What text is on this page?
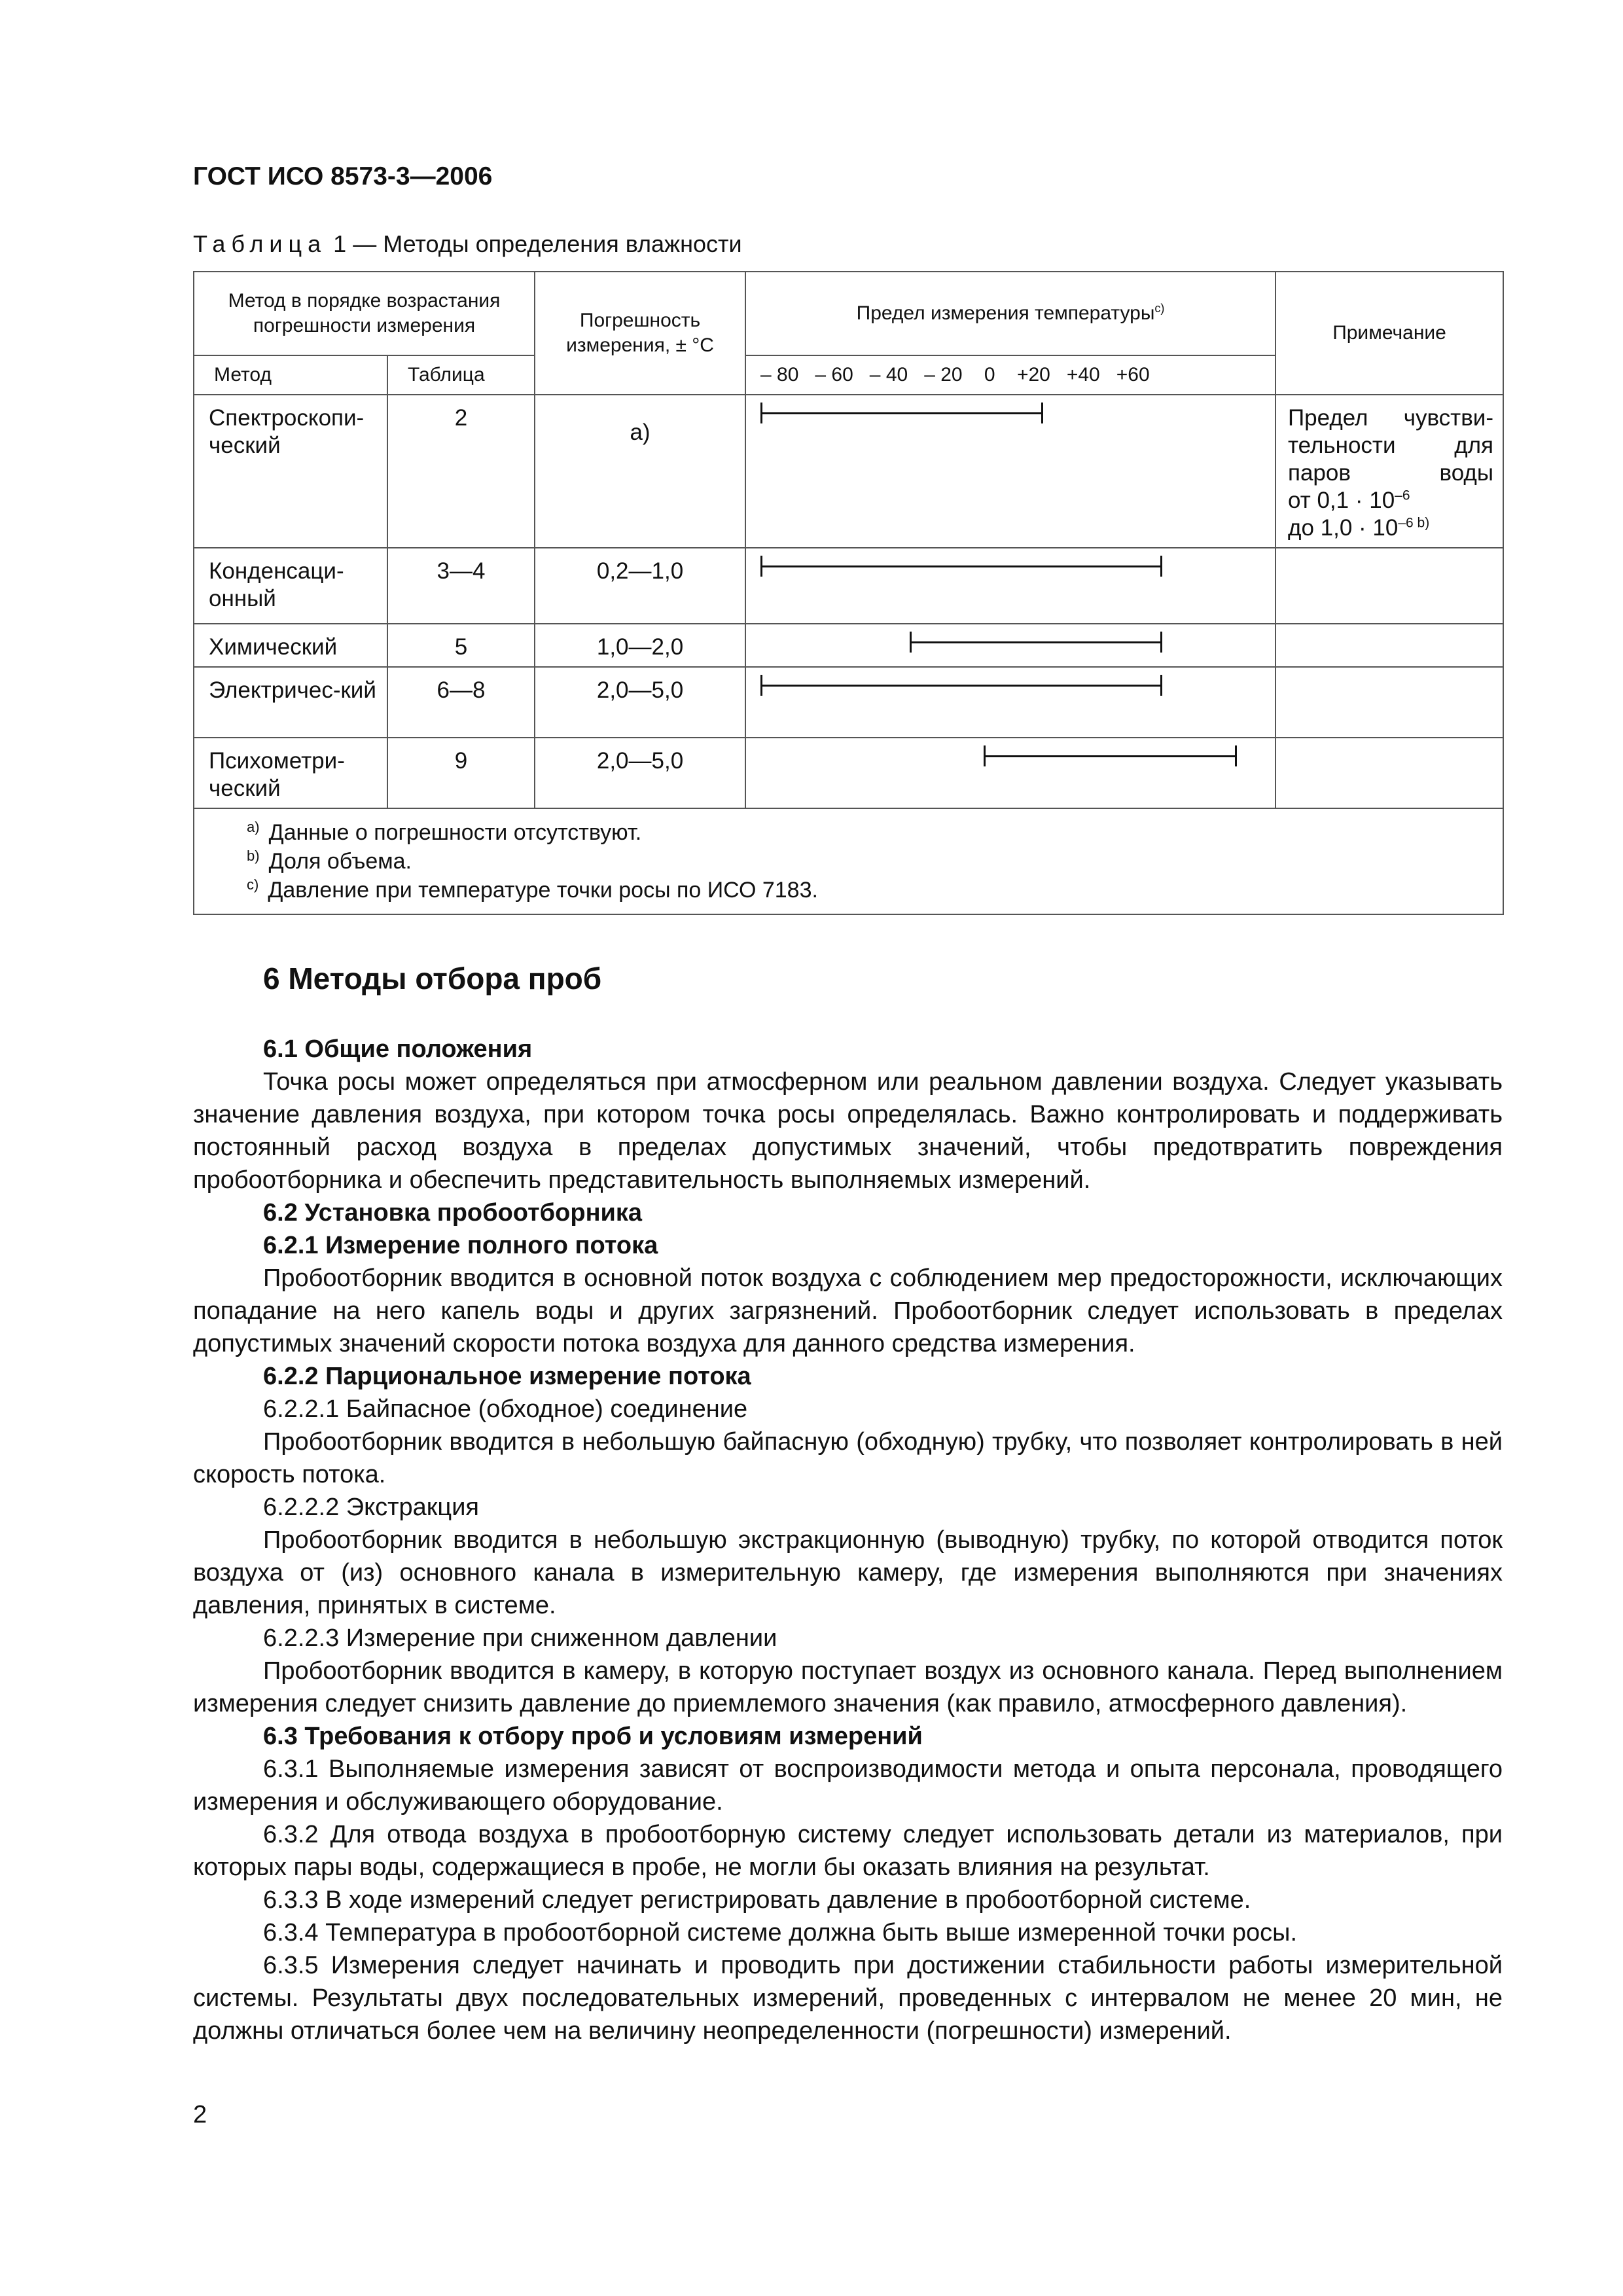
ГОСТ ИСО 8573-3—2006
Таблица 1 — Методы определения влажности
Метод в порядке возрастания погрешности измерения		Погрешность измерения, ± °С	Предел измерения температуры$^{c)}$	Примечание
Метод	Таблица		– 80   – 60   – 40   – 20    0    +20   +40   +60	
Спектроскопи-ческий	2	а)		Предел чувстви-тельности для паров воды
от $0,1 \cdot 10^{-6}$
до $1,0 \cdot 10^{-6 b)}$

Конденсаци-онный	3—4	0,2—1,0	

Химический	5	1,0—2,0	

Электричес-кий	6—8	2,0—5,0	

Психометри-ческий	9	2,0—5,0	

$^{а)}$ Данные о погрешности отсутствуют.
$^{b)}$ Доля объема.
$^{c)}$ Давление при температуре точки росы по ИСО 7183.				
6 Методы отбора проб

6.1 Общие положения

Точка росы может определяться при атмосферном или реальном давлении воздуха. Следует указывать значение давления воздуха, при котором точка росы определялась. Важно контролировать и поддерживать постоянный расход воздуха в пределах допустимых значений, чтобы предотвратить повреждения пробоотборника и обеспечить представительность выполняемых измерений.

6.2 Установка пробоотборника

6.2.1 Измерение полного потока

Пробоотборник вводится в основной поток воздуха с соблюдением мер предосторожности, исключающих попадание на него капель воды и других загрязнений. Пробоотборник следует использовать в пределах допустимых значений скорости потока воздуха для данного средства измерения.

6.2.2 Парциональное измерение потока

6.2.2.1 Байпасное (обходное) соединение

Пробоотборник вводится в небольшую байпасную (обходную) трубку, что позволяет контролировать в ней скорость потока.

6.2.2.2 Экстракция

Пробоотборник вводится в небольшую экстракционную (выводную) трубку, по которой отводится поток воздуха от (из) основного канала в измерительную камеру, где измерения выполняются при значениях давления, принятых в системе.

6.2.2.3 Измерение при сниженном давлении

Пробоотборник вводится в камеру, в которую поступает воздух из основного канала. Перед выполнением измерения следует снизить давление до приемлемого значения (как правило, атмосферного давления).

6.3 Требования к отбору проб и условиям измерений

6.3.1 Выполняемые измерения зависят от воспроизводимости метода и опыта персонала, проводящего измерения и обслуживающего оборудование.

6.3.2 Для отвода воздуха в пробоотборную систему следует использовать детали из материалов, при которых пары воды, содержащиеся в пробе, не могли бы оказать влияния на результат.

6.3.3 В ходе измерений следует регистрировать давление в пробоотборной системе.

6.3.4 Температура в пробоотборной системе должна быть выше измеренной точки росы.

6.3.5 Измерения следует начинать и проводить при достижении стабильности работы измерительной системы. Результаты двух последовательных измерений, проведенных с интервалом не менее 20 мин, не должны отличаться более чем на величину неопределенности (погрешности) измерений.

2
